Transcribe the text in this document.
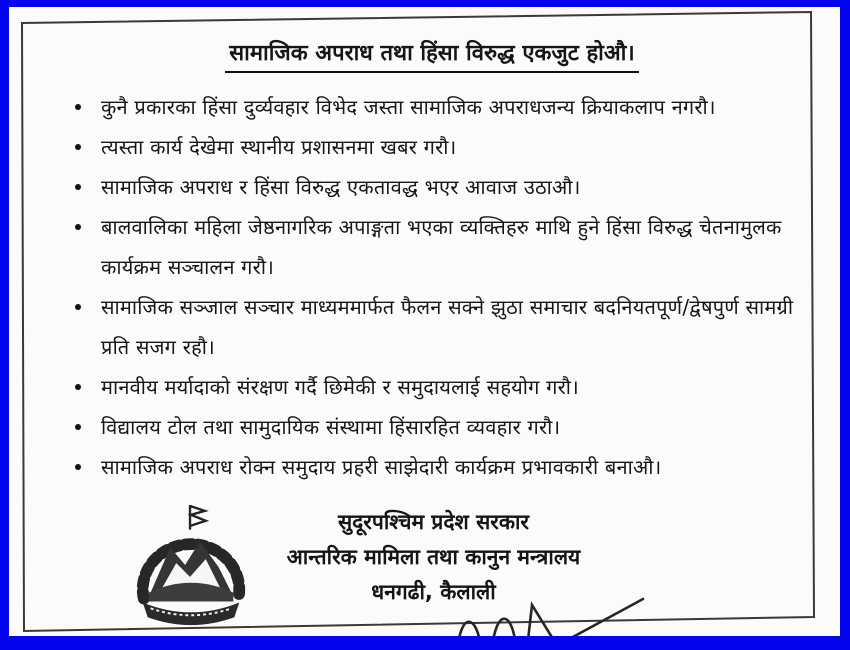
सामाजिक अपराध तथा हिंसा विरुद्ध एकजुट होऔ।
कुनै प्रकारका हिंसा दुर्व्यवहार विभेद जस्ता सामाजिक अपराधजन्य क्रियाकलाप नगरौ।
त्यस्ता कार्य देखेमा स्थानीय प्रशासनमा खबर गरौ।
सामाजिक अपराध र हिंसा विरुद्ध एकतावद्ध भएर आवाज उठाऔ।
बालवालिका महिला जेष्ठनागरिक अपाङ्गता भएका व्यक्तिहरु माथि हुने हिंसा विरुद्ध चेतनामुलक कार्यक्रम सञ्चालन गरौ।
सामाजिक सञ्जाल सञ्चार माध्यममार्फत फैलन सक्ने झुठा समाचार बदनियतपूर्ण/द्वेषपुर्ण सामग्री प्रति सजग रहौ।
मानवीय मर्यादाको संरक्षण गर्दै छिमेकी र समुदायलाई सहयोग गरौ।
विद्यालय टोल तथा सामुदायिक संस्थामा हिंसारहित व्यवहार गरौ।
सामाजिक अपराध रोक्न समुदाय प्रहरी साझेदारी कार्यक्रम प्रभावकारी बनाऔ।
सुदूरपश्चिम प्रदेश सरकार
आन्तरिक मामिला तथा कानुन मन्त्रालय
धनगढी, कैलाली
